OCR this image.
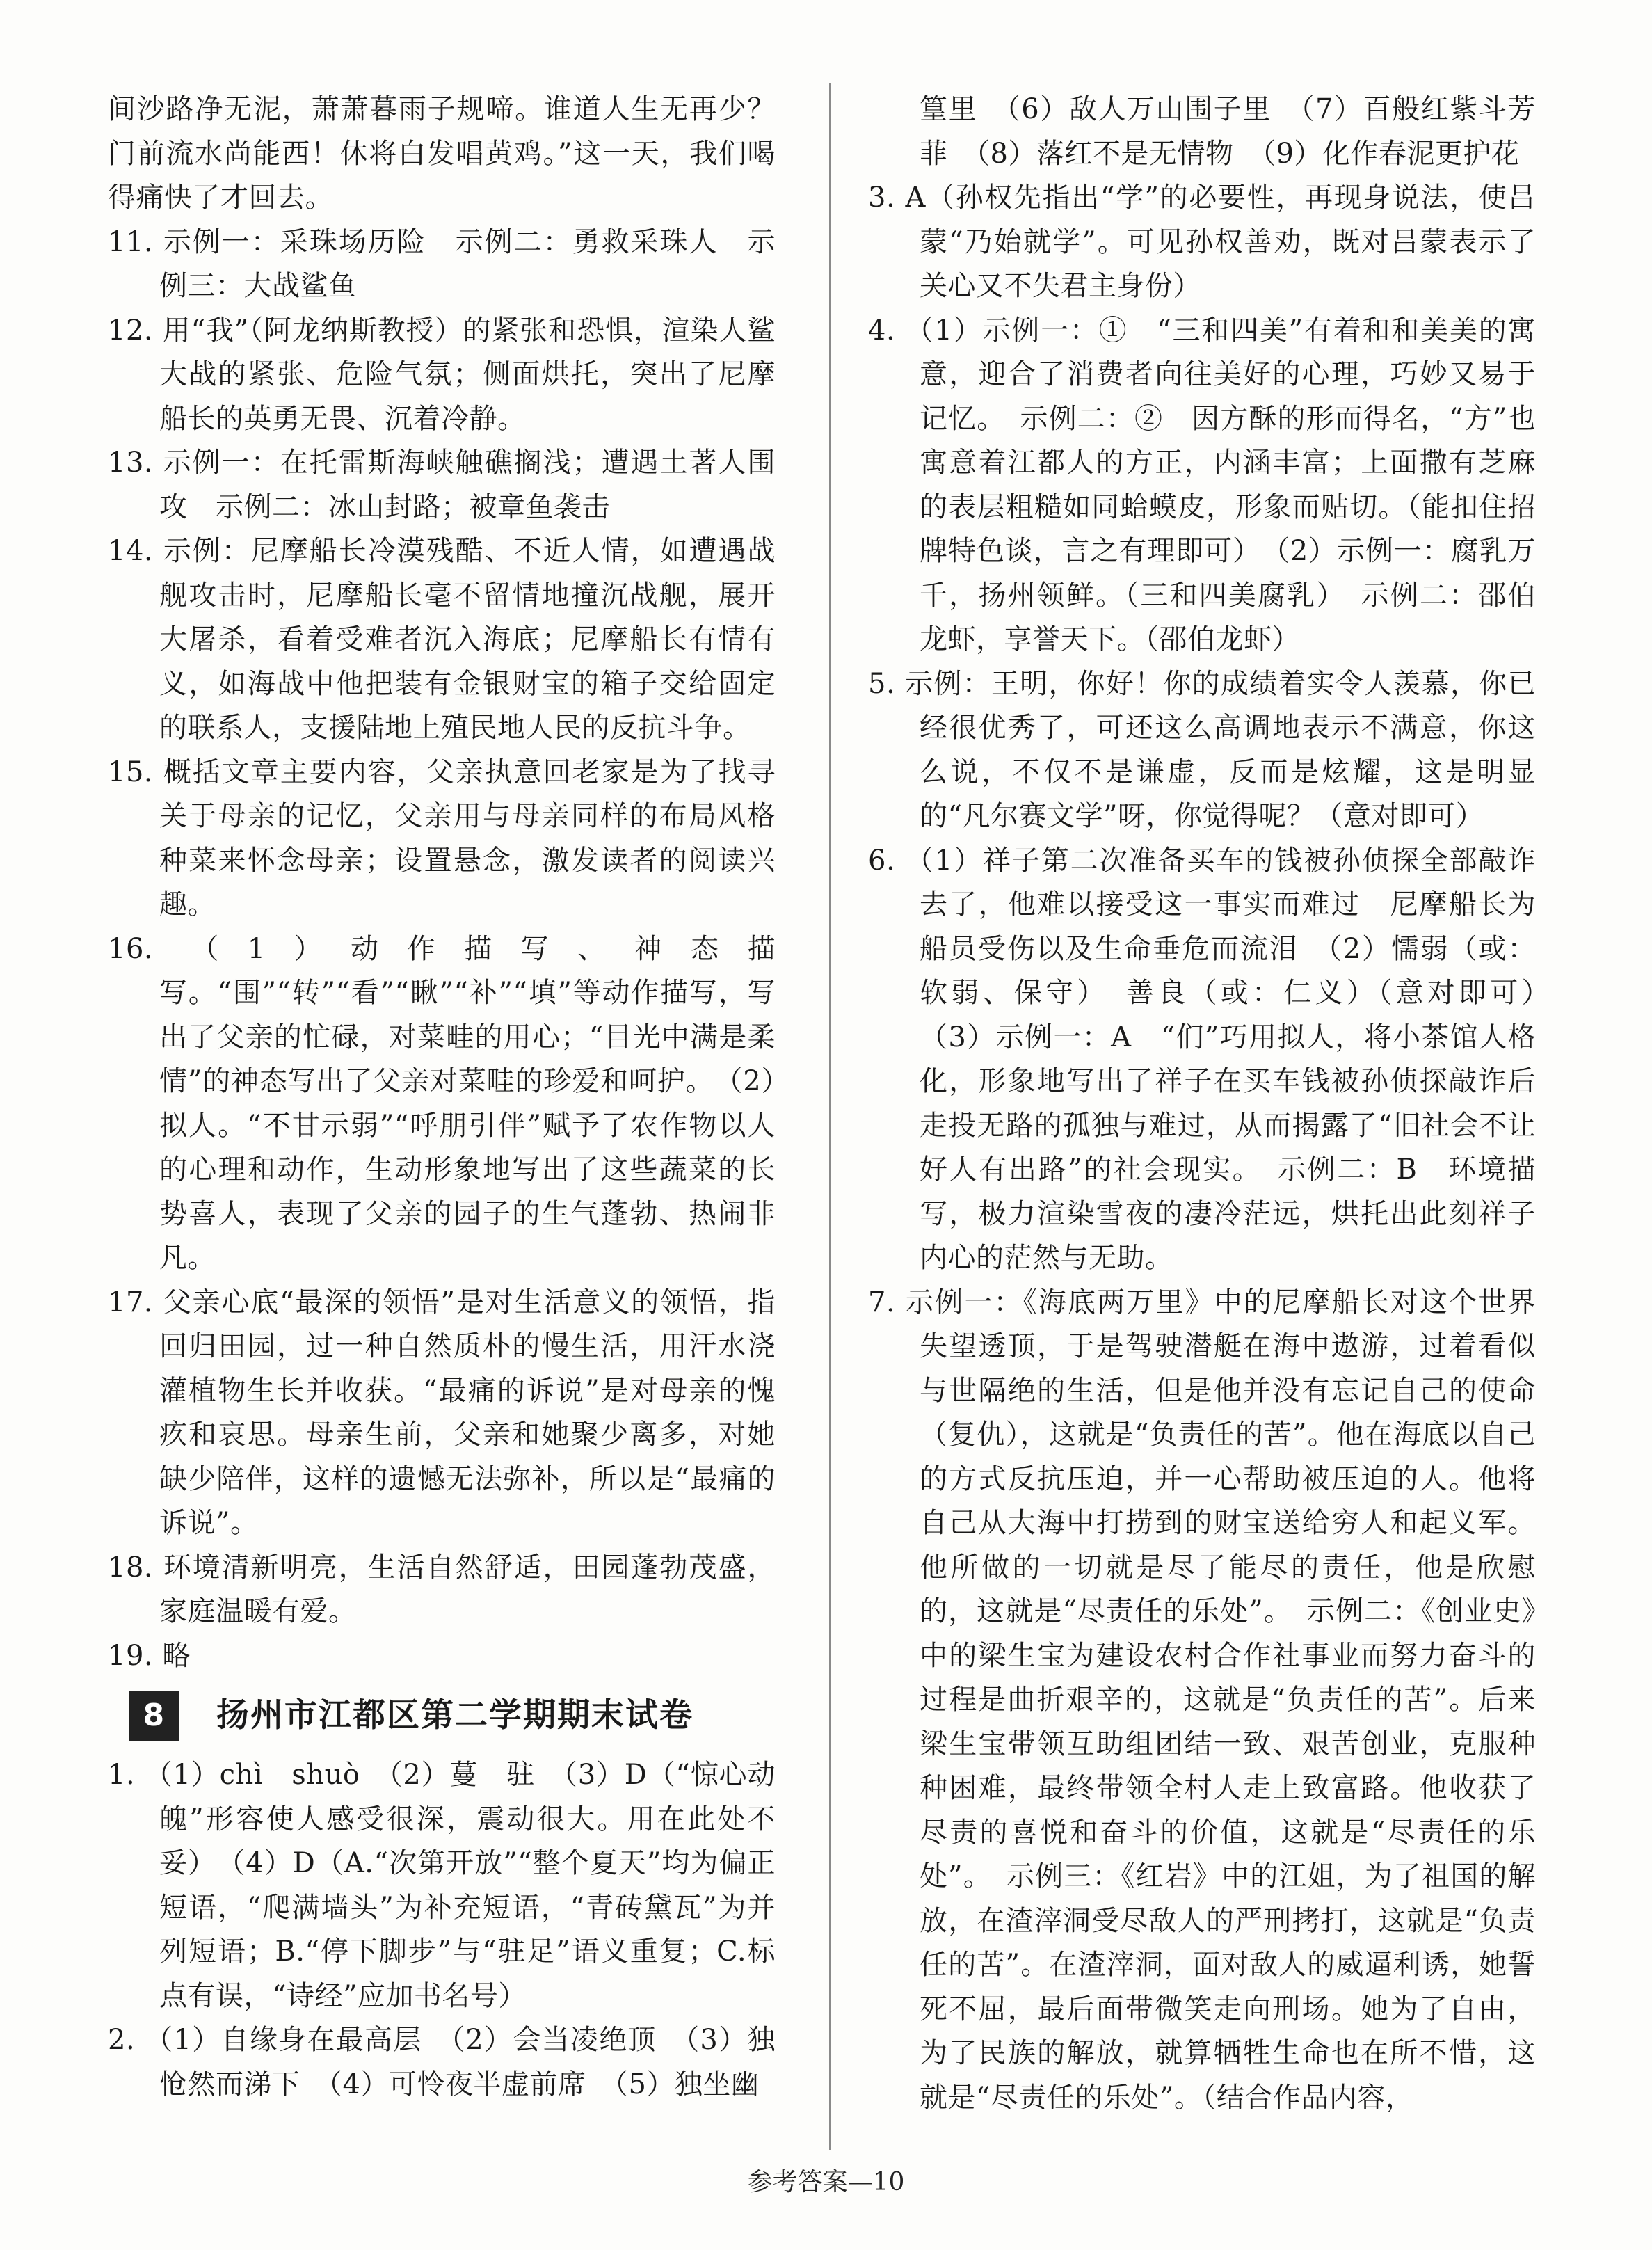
间沙路净无泥，萧萧暮雨子规啼。谁道人生无再少？门前流水尚能西！休将白发唱黄鸡。”这一天，我们喝得痛快了才回去。

11. 示例一：采珠场历险　示例二：勇救采珠人　示例三：大战鲨鱼

12. 用“我”（阿龙纳斯教授）的紧张和恐惧，渲染人鲨大战的紧张、危险气氛；侧面烘托，突出了尼摩船长的英勇无畏、沉着冷静。

13. 示例一：在托雷斯海峡触礁搁浅；遭遇土著人围攻　示例二：冰山封路；被章鱼袭击

14. 示例：尼摩船长冷漠残酷、不近人情，如遭遇战舰攻击时，尼摩船长毫不留情地撞沉战舰，展开大屠杀，看着受难者沉入海底；尼摩船长有情有义，如海战中他把装有金银财宝的箱子交给固定的联系人，支援陆地上殖民地人民的反抗斗争。

15. 概括文章主要内容，父亲执意回老家是为了找寻关于母亲的记忆，父亲用与母亲同样的布局风格种菜来怀念母亲；设置悬念，激发读者的阅读兴趣。

16. （1）动作描写、神态描写。“围”“转”“看”“瞅”“补”“填”等动作描写，写出了父亲的忙碌，对菜畦的用心；“目光中满是柔情”的神态写出了父亲对菜畦的珍爱和呵护。　（2）拟人。“不甘示弱”“呼朋引伴”赋予了农作物以人的心理和动作，生动形象地写出了这些蔬菜的长势喜人，表现了父亲的园子的生气蓬勃、热闹非凡。

17. 父亲心底“最深的领悟”是对生活意义的领悟，指回归田园，过一种自然质朴的慢生活，用汗水浇灌植物生长并收获。“最痛的诉说”是对母亲的愧疚和哀思。母亲生前，父亲和她聚少离多，对她缺少陪伴，这样的遗憾无法弥补，所以是“最痛的诉说”。

18. 环境清新明亮，生活自然舒适，田园蓬勃茂盛，家庭温暖有爱。

19. 略

8	扬州市江都区第二学期期末试卷

1. （1）chì　shuò　（2）蔓　驻　（3）D（“惊心动魄”形容使人感受很深，震动很大。用在此处不妥）　（4）D（A.“次第开放”“整个夏天”均为偏正短语，“爬满墙头”为补充短语，“青砖黛瓦”为并列短语；B.“停下脚步”与“驻足”语义重复；C.标点有误，“诗经”应加书名号）

2. （1）自缘身在最高层　（2）会当凌绝顶　（3）独怆然而涕下　（4）可怜夜半虚前席　（5）独坐幽

篁里　（6）敌人万山围子里　（7）百般红紫斗芳菲　（8）落红不是无情物　（9）化作春泥更护花

3. A（孙权先指出“学”的必要性，再现身说法，使吕蒙“乃始就学”。可见孙权善劝，既对吕蒙表示了关心又不失君主身份）

4. （1）示例一：①　“三和四美”有着和和美美的寓意，迎合了消费者向往美好的心理，巧妙又易于记忆。　示例二：②　因方酥的形而得名，“方”也寓意着江都人的方正，内涵丰富；上面撒有芝麻的表层粗糙如同蛤蟆皮，形象而贴切。（能扣住招牌特色谈，言之有理即可）　（2）示例一：腐乳万千，扬州领鲜。（三和四美腐乳）　示例二：邵伯龙虾，享誉天下。（邵伯龙虾）

5. 示例：王明，你好！你的成绩着实令人羡慕，你已经很优秀了，可还这么高调地表示不满意，你这么说，不仅不是谦虚，反而是炫耀，这是明显的“凡尔赛文学”呀，你觉得呢？（意对即可）

6. （1）祥子第二次准备买车的钱被孙侦探全部敲诈去了，他难以接受这一事实而难过　尼摩船长为船员受伤以及生命垂危而流泪　（2）懦弱（或：软弱、保守）　善良（或：仁义）（意对即可）　（3）示例一：A　“们”巧用拟人，将小茶馆人格化，形象地写出了祥子在买车钱被孙侦探敲诈后走投无路的孤独与难过，从而揭露了“旧社会不让好人有出路”的社会现实。　示例二：B　环境描写，极力渲染雪夜的凄冷茫远，烘托出此刻祥子内心的茫然与无助。

7. 示例一：《海底两万里》中的尼摩船长对这个世界失望透顶，于是驾驶潜艇在海中遨游，过着看似与世隔绝的生活，但是他并没有忘记自己的使命（复仇），这就是“负责任的苦”。他在海底以自己的方式反抗压迫，并一心帮助被压迫的人。他将自己从大海中打捞到的财宝送给穷人和起义军。他所做的一切就是尽了能尽的责任，他是欣慰的，这就是“尽责任的乐处”。　示例二：《创业史》中的梁生宝为建设农村合作社事业而努力奋斗的过程是曲折艰辛的，这就是“负责任的苦”。后来梁生宝带领互助组团结一致、艰苦创业，克服种种困难，最终带领全村人走上致富路。他收获了尽责的喜悦和奋斗的价值，这就是“尽责任的乐处”。　示例三：《红岩》中的江姐，为了祖国的解放，在渣滓洞受尽敌人的严刑拷打，这就是“负责任的苦”。在渣滓洞，面对敌人的威逼利诱，她誓死不屈，最后面带微笑走向刑场。她为了自由，为了民族的解放，就算牺牲生命也在所不惜，这就是“尽责任的乐处”。（结合作品内容，

参考答案—10
